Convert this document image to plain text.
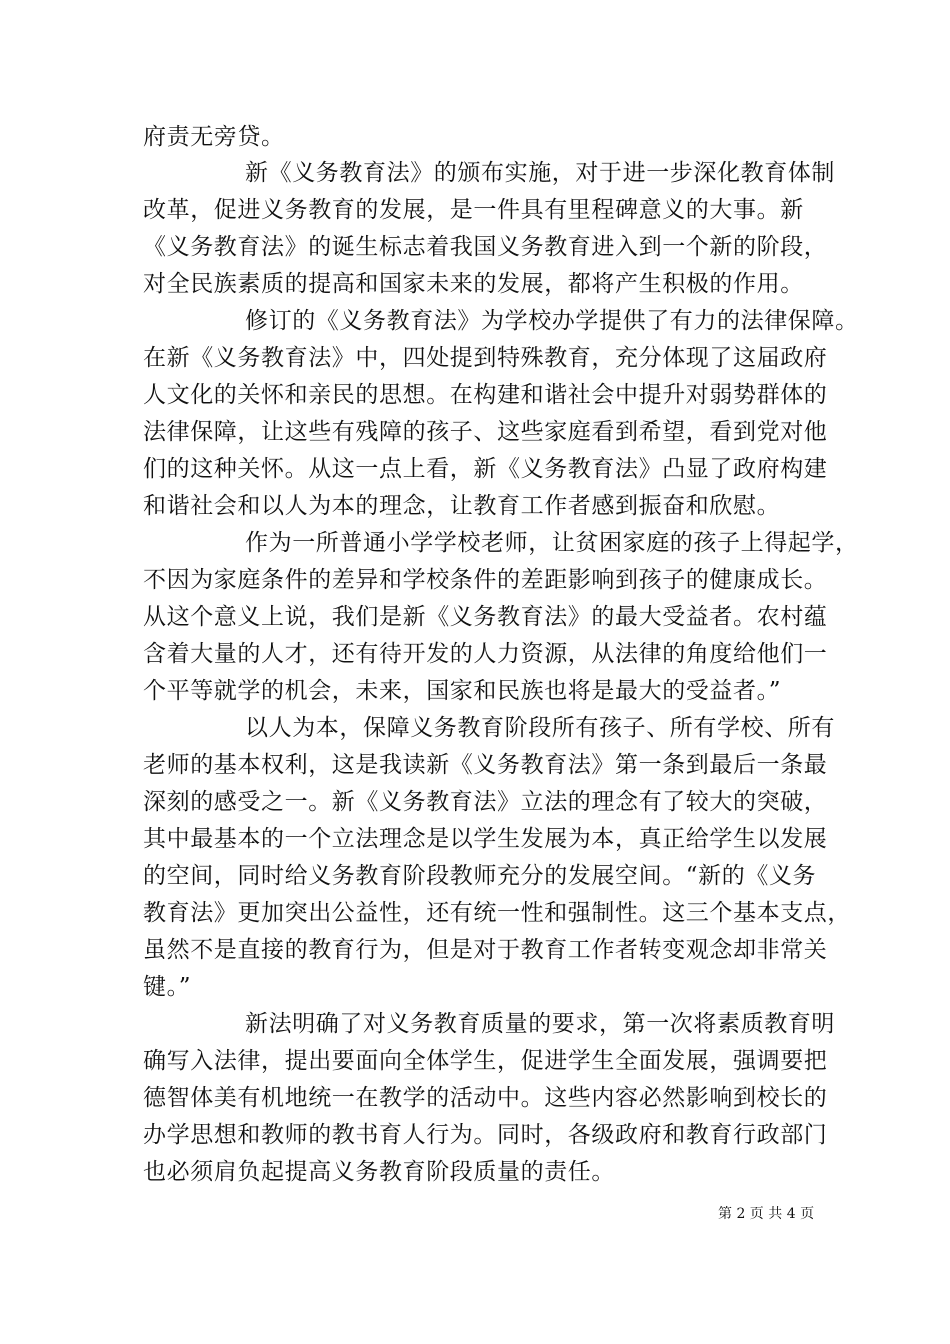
府责无旁贷。
新《义务教育法》的颁布实施，对于进一步深化教育体制
改革，促进义务教育的发展，是一件具有里程碑意义的大事。新
《义务教育法》的诞生标志着我国义务教育进入到一个新的阶段，
对全民族素质的提高和国家未来的发展，都将产生积极的作用。
修订的《义务教育法》为学校办学提供了有力的法律保障。
在新《义务教育法》中，四处提到特殊教育，充分体现了这届政府
人文化的关怀和亲民的思想。在构建和谐社会中提升对弱势群体的
法律保障，让这些有残障的孩子、这些家庭看到希望，看到党对他
们的这种关怀。从这一点上看，新《义务教育法》凸显了政府构建
和谐社会和以人为本的理念，让教育工作者感到振奋和欣慰。
作为一所普通小学学校老师，让贫困家庭的孩子上得起学，
不因为家庭条件的差异和学校条件的差距影响到孩子的健康成长。
从这个意义上说，我们是新《义务教育法》的最大受益者。农村蕴
含着大量的人才，还有待开发的人力资源，从法律的角度给他们一
个平等就学的机会，未来，国家和民族也将是最大的受益者。”
以人为本，保障义务教育阶段所有孩子、所有学校、所有
老师的基本权利，这是我读新《义务教育法》第一条到最后一条最
深刻的感受之一。新《义务教育法》立法的理念有了较大的突破，
其中最基本的一个立法理念是以学生发展为本，真正给学生以发展
的空间，同时给义务教育阶段教师充分的发展空间。“新的《义务
教育法》更加突出公益性，还有统一性和强制性。这三个基本支点，
虽然不是直接的教育行为，但是对于教育工作者转变观念却非常关
键。”
新法明确了对义务教育质量的要求，第一次将素质教育明
确写入法律，提出要面向全体学生，促进学生全面发展，强调要把
德智体美有机地统一在教学的活动中。这些内容必然影响到校长的
办学思想和教师的教书育人行为。同时，各级政府和教育行政部门
也必须肩负起提高义务教育阶段质量的责任。
第 2 页 共 4 页
